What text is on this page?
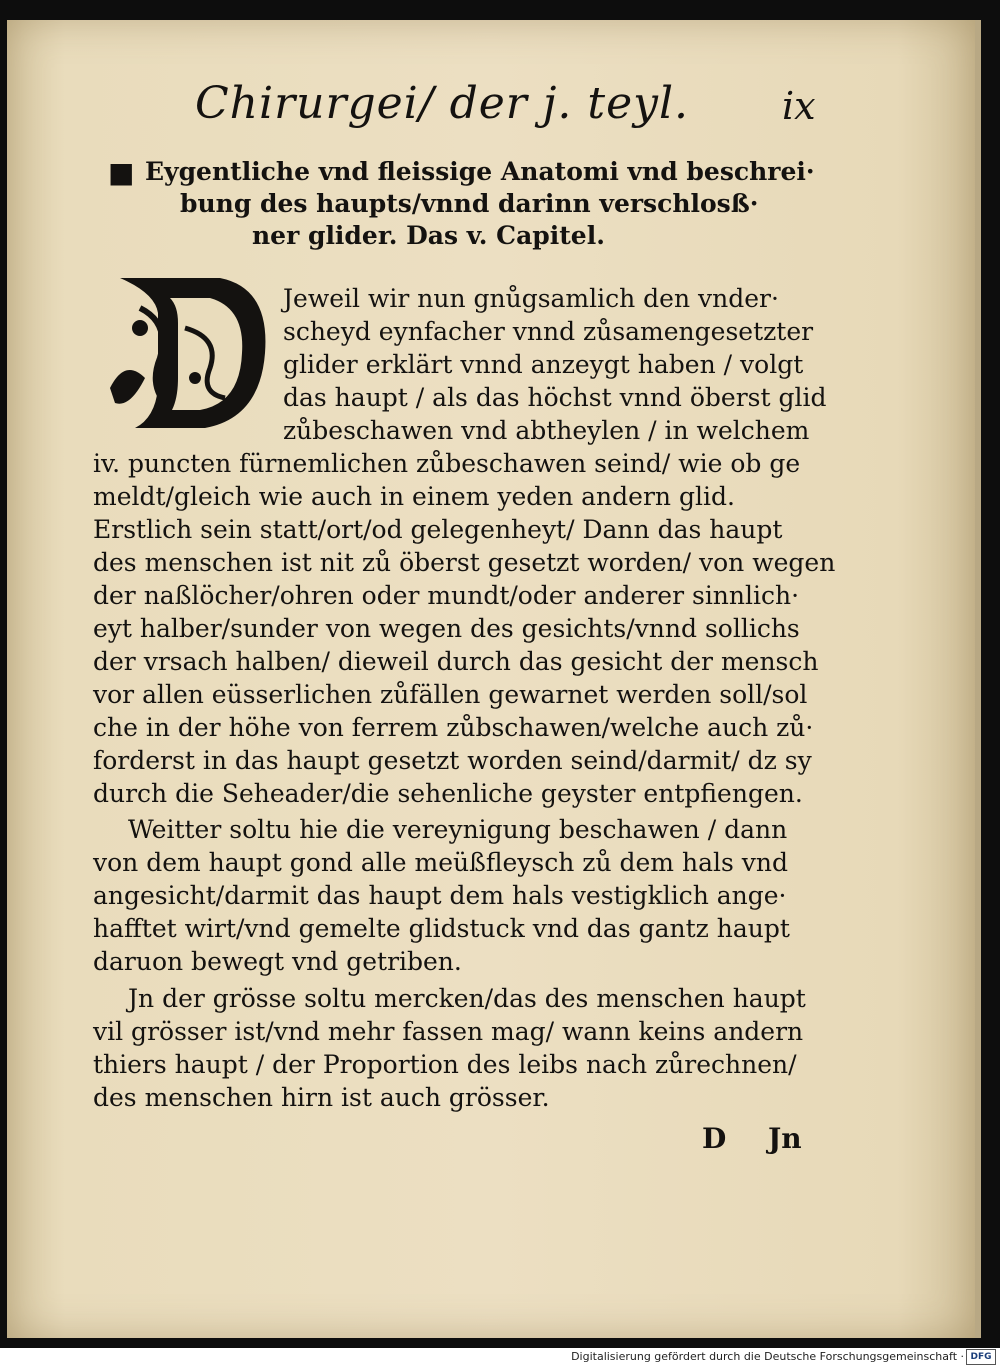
Chirurgei/ der j. teyl. ix
■ Eygentliche vnd fleissige Anatomi vnd beschrei·
bung des haupts/vnnd darinn verschlosß·
ner glider. Das v. Capitel.
Jeweil wir nun gnůgsamlich den vnder·
scheyd eynfacher vnnd zůsamengesetzter
glider erklärt vnnd anzeygt haben / volgt
das haupt / als das höchst vnnd öberst glid
zůbeschawen vnd abtheylen / in welchem
iv. puncten fürnemlichen zůbeschawen seind/ wie ob ge
meldt/gleich wie auch in einem yeden andern glid.
Erstlich sein statt/ort/od gelegenheyt/ Dann das haupt
des menschen ist nit zů öberst gesetzt worden/ von wegen
der naßlöcher/ohren oder mundt/oder anderer sinnlich·
eyt halber/sunder von wegen des gesichts/vnnd sollichs
der vrsach halben/ dieweil durch das gesicht der mensch
vor allen eüsserlichen zůfällen gewarnet werden soll/sol
che in der höhe von ferrem zůbschawen/welche auch zů·
forderst in das haupt gesetzt worden seind/darmit/ dz sy
durch die Seheader/die sehenliche geyster entpfiengen.
Weitter soltu hie die vereynigung beschawen / dann
von dem haupt gond alle meüßfleysch zů dem hals vnd
angesicht/darmit das haupt dem hals vestigklich ange·
hafftet wirt/vnd gemelte glidstuck vnd das gantz haupt
daruon bewegt vnd getriben.
Jn der grösse soltu mercken/das des menschen haupt
vil grösser ist/vnd mehr fassen mag/ wann keins andern
thiers haupt / der Proportion des leibs nach zůrechnen/
des menschen hirn ist auch grösser.
D Jn
Digitalisierung gefördert durch die Deutsche Forschungsgemeinschaft · DFG
